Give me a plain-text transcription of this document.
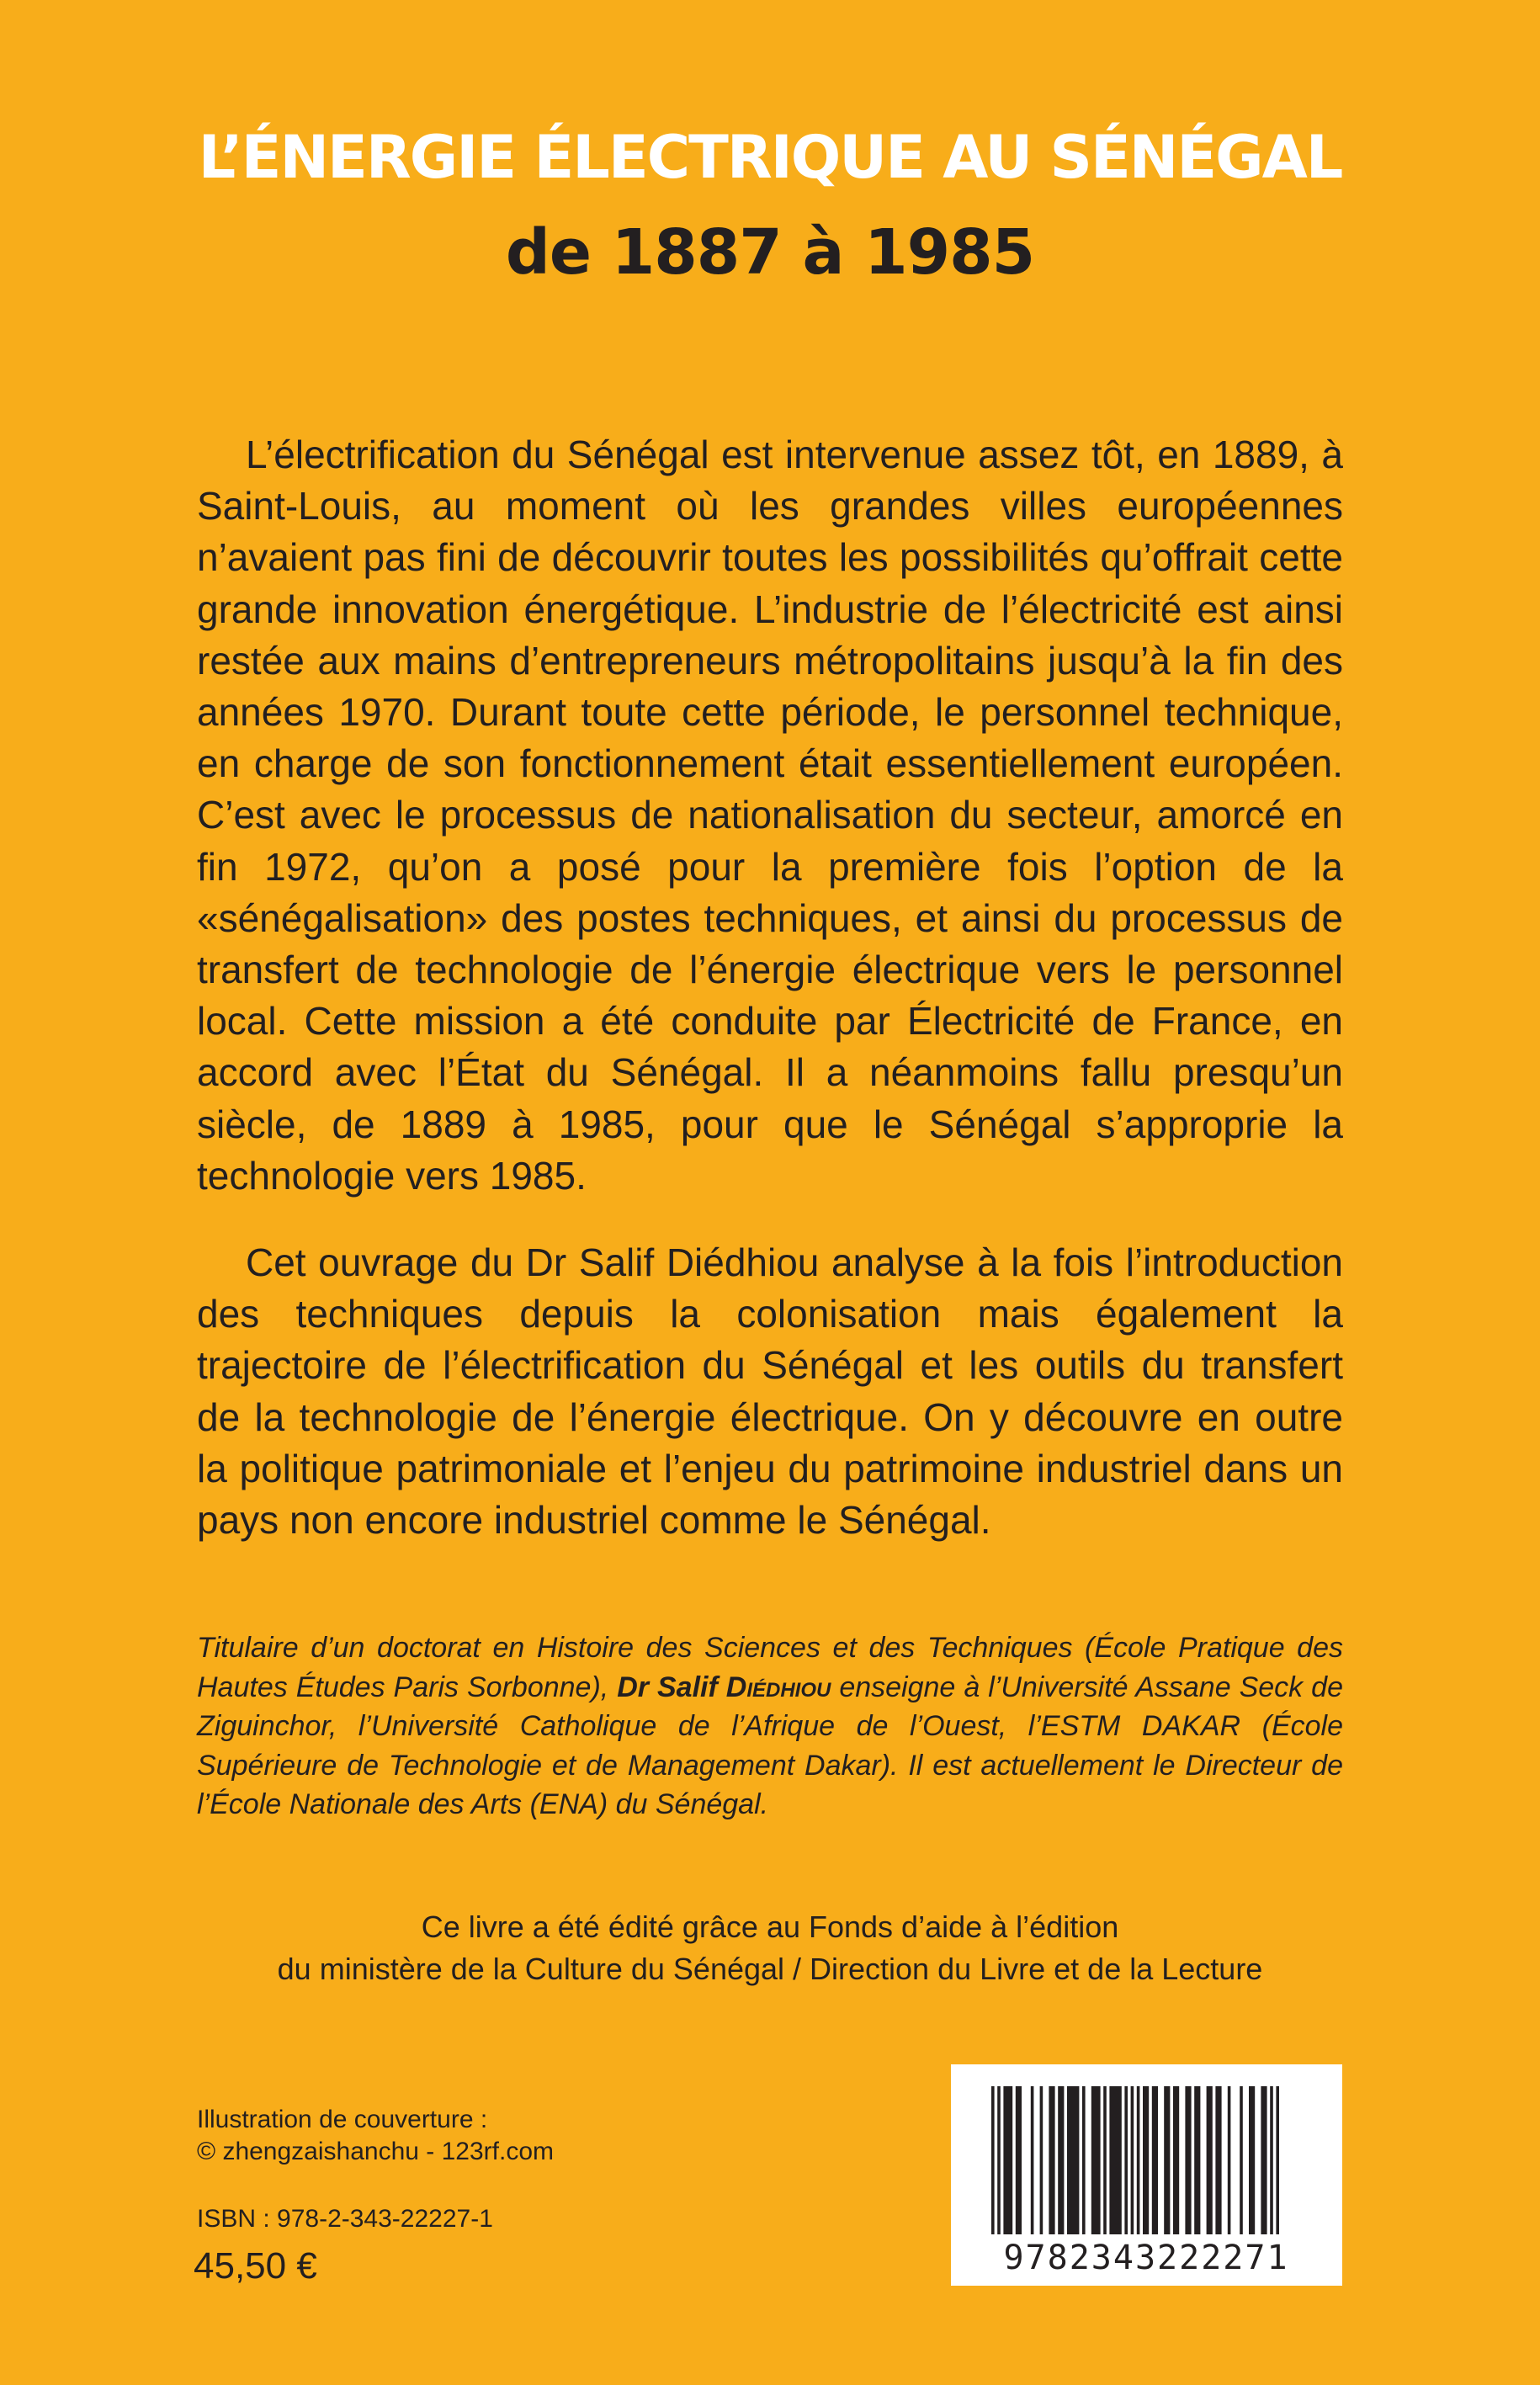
L’ÉNERGIE ÉLECTRIQUE AU SÉNÉGAL
de 1887 à 1985

L’électrification du Sénégal est intervenue assez tôt, en 1889, à Saint-Louis, au moment où les grandes villes européennes n’avaient pas fini de découvrir toutes les possibilités qu’offrait cette grande innovation énergétique. L’industrie de l’électricité est ainsi restée aux mains d’entrepreneurs métropolitains jusqu’à la fin des années 1970. Durant toute cette période, le personnel technique, en charge de son fonctionnement était essentiellement européen. C’est avec le processus de nationalisation du secteur, amorcé en fin 1972, qu’on a posé pour la première fois l’option de la «sénégalisation» des postes techniques, et ainsi du processus de transfert de technologie de l’énergie électrique vers le personnel local. Cette mission a été conduite par Électricité de France, en accord avec l’État du Sénégal. Il a néanmoins fallu presqu’un siècle, de 1889 à 1985, pour que le Sénégal s’approprie la technologie vers 1985.

Cet ouvrage du Dr Salif Diédhiou analyse à la fois l’introduction des techniques depuis la colonisation mais également la trajectoire de l’électrification du Sénégal et les outils du transfert de la technologie de l’énergie électrique. On y découvre en outre la politique patrimoniale et l’enjeu du patrimoine industriel dans un pays non encore industriel comme le Sénégal.

Titulaire d’un doctorat en Histoire des Sciences et des Techniques (École Pratique des Hautes Études Paris Sorbonne), Dr Salif Diédhiou enseigne à l’Université Assane Seck de Ziguinchor, l’Université Catholique de l’Afrique de l’Ouest, l’ESTM DAKAR (École Supérieure de Technologie et de Management Dakar). Il est actuellement le Directeur de l’École Nationale des Arts (ENA) du Sénégal.

Ce livre a été édité grâce au Fonds d’aide à l’édition
du ministère de la Culture du Sénégal / Direction du Livre et de la Lecture

Illustration de couverture :
© zhengzaishanchu - 123rf.com
ISBN : 978-2-343-22227-1
45,50 €	9782343222271
